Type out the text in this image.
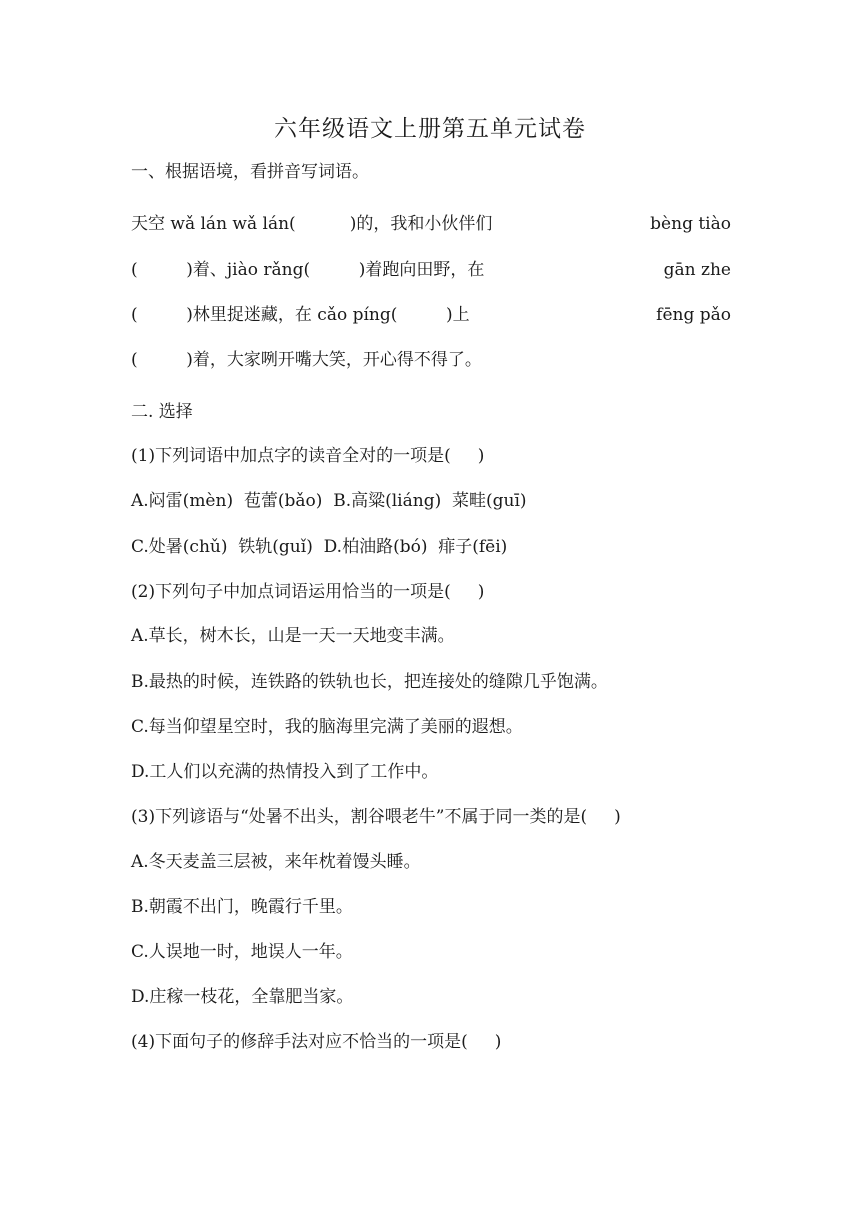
六年级语文上册第五单元试卷
一、根据语境，看拼音写词语。
天空 wǎ lán wǎ lán(          )的，我和小伙伴们	bèng tiào
(         )着、jiào rǎng(         )着跑向田野，在	gān zhe
(         )林里捉迷藏，在 cǎo píng(         )上	fēng pǎo
(         )着，大家咧开嘴大笑，开心得不得了。
二. 选择
(1)下列词语中加点字的读音全对的一项是(     )
A.闷雷(mèn)  苞蕾(bǎo)  B.高粱(liáng)  菜畦(guī)
C.处暑(chǔ)  铁轨(guǐ)  D.柏油路(bó)  痱子(fēi)
(2)下列句子中加点词语运用恰当的一项是(     )
A.草长，树木长，山是一天一天地变丰满。
B.最热的时候，连铁路的铁轨也长，把连接处的缝隙几乎饱满。
C.每当仰望星空时，我的脑海里完满了美丽的遐想。
D.工人们以充满的热情投入到了工作中。
(3)下列谚语与“处暑不出头，割谷喂老牛”不属于同一类的是(     )
A.冬天麦盖三层被，来年枕着馒头睡。
B.朝霞不出门，晚霞行千里。
C.人误地一时，地误人一年。
D.庄稼一枝花，全靠肥当家。
(4)下面句子的修辞手法对应不恰当的一项是(     )
